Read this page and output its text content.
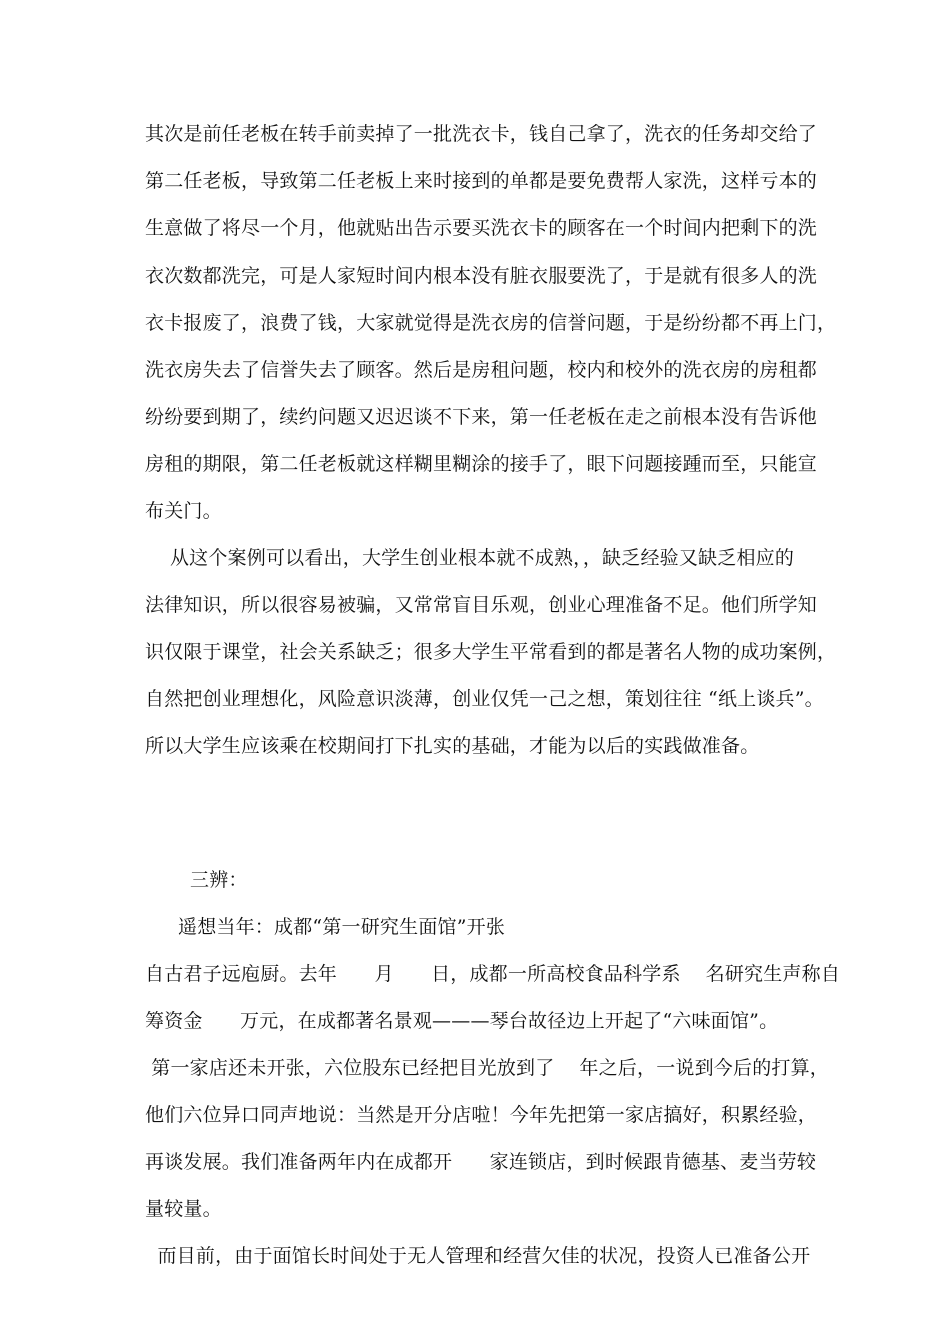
其次是前任老板在转手前卖掉了一批洗衣卡，钱自己拿了，洗衣的任务却交给了
第二任老板，导致第二任老板上来时接到的单都是要免费帮人家洗，这样亏本的
生意做了将尽一个月，他就贴出告示要买洗衣卡的顾客在一个时间内把剩下的洗
衣次数都洗完，可是人家短时间内根本没有脏衣服要洗了，于是就有很多人的洗
衣卡报废了，浪费了钱，大家就觉得是洗衣房的信誉问题，于是纷纷都不再上门，
洗衣房失去了信誉失去了顾客。然后是房租问题，校内和校外的洗衣房的房租都
纷纷要到期了，续约问题又迟迟谈不下来，第一任老板在走之前根本没有告诉他
房租的期限，第二任老板就这样糊里糊涂的接手了，眼下问题接踵而至，只能宣
布关门。
从这个案例可以看出，大学生创业根本就不成熟，，缺乏经验又缺乏相应的
法律知识，所以很容易被骗，又常常盲目乐观，创业心理准备不足。他们所学知
识仅限于课堂，社会关系缺乏；很多大学生平常看到的都是著名人物的成功案例，
自然把创业理想化，风险意识淡薄，创业仅凭一己之想，策划往往 “纸上谈兵”。
所以大学生应该乘在校期间打下扎实的基础，才能为以后的实践做准备。
三辨：
遥想当年：成都“第一研究生面馆”开张
自古君子远庖厨。去年      月      日，成都一所高校食品科学系    名研究生声称自
筹资金      万元，在成都著名景观———琴台故径边上开起了“六味面馆”。
第一家店还未开张，六位股东已经把目光放到了    年之后，一说到今后的打算，
他们六位异口同声地说：当然是开分店啦！今年先把第一家店搞好，积累经验，
再谈发展。我们准备两年内在成都开      家连锁店，到时候跟肯德基、麦当劳较
量较量。
而目前，由于面馆长时间处于无人管理和经营欠佳的状况，投资人已准备公开
